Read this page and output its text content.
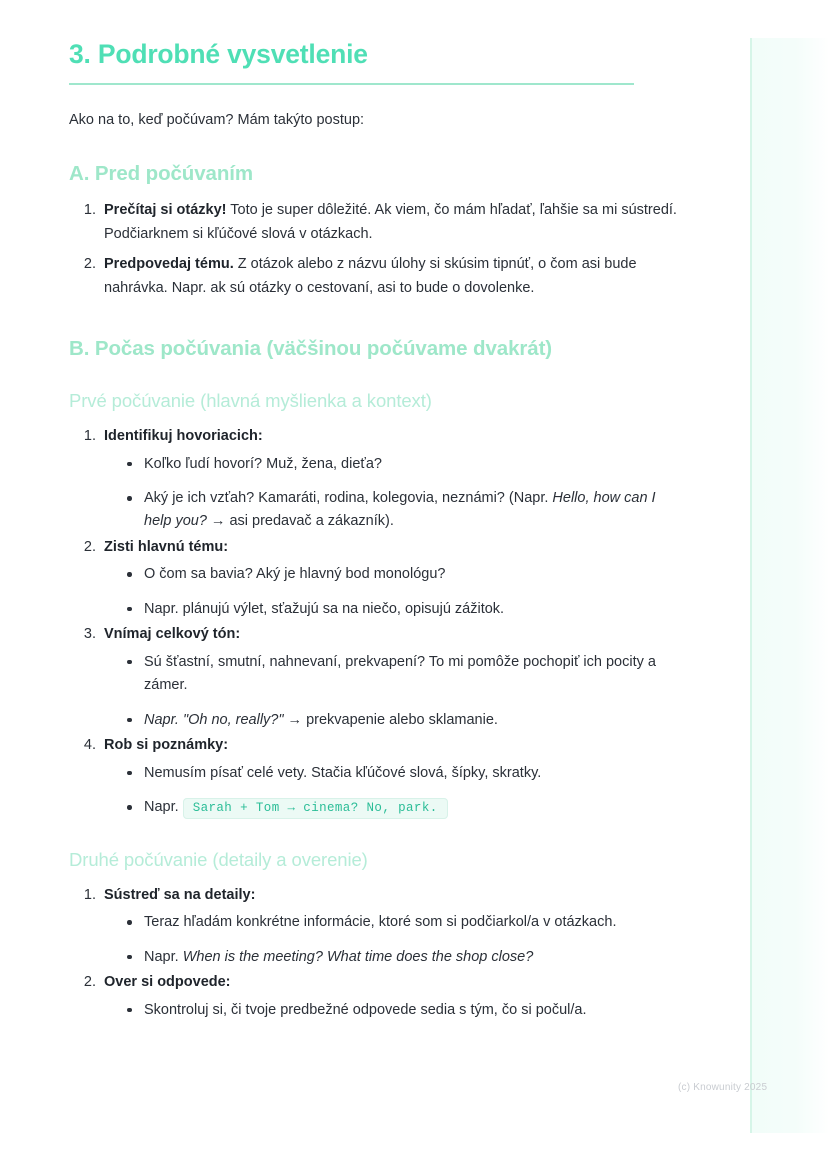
3. Podrobné vysvetlenie

Ako na to, keď počúvam? Mám takýto postup:

A. Pred počúvaním
1. Prečítaj si otázky! Toto je super dôležité. Ak viem, čo mám hľadať, ľahšie sa mi sústredí. Podčiarknem si kľúčové slová v otázkach.
2. Predpovedaj tému. Z otázok alebo z názvu úlohy si skúsim tipnúť, o čom asi bude nahrávka. Napr. ak sú otázky o cestovaní, asi to bude o dovolenke.
B. Počas počúvania (väčšinou počúvame dvakrát)
Prvé počúvanie (hlavná myšlienka a kontext)
1. Identifikuj hovoriacich:
Koľko ľudí hovorí? Muž, žena, dieťa?
Aký je ich vzťah? Kamaráti, rodina, kolegovia, neznámi? (Napr. Hello, how can I help you? → asi predavač a zákazník).
2. Zisti hlavnú tému:
O čom sa bavia? Aký je hlavný bod monológu?
Napr. plánujú výlet, sťažujú sa na niečo, opisujú zážitok.
3. Vnímaj celkový tón:
Sú šťastní, smutní, nahnevaní, prekvapení? To mi pomôže pochopiť ich pocity a zámer.
Napr. "Oh no, really?" → prekvapenie alebo sklamanie.
4. Rob si poznámky:
Nemusím písať celé vety. Stačia kľúčové slová, šípky, skratky.
Napr. Sarah + Tom → cinema? No, park.
Druhé počúvanie (detaily a overenie)
1. Sústreď sa na detaily:
Teraz hľadám konkrétne informácie, ktoré som si podčiarkol/a v otázkach.
Napr. When is the meeting? What time does the shop close?
2. Over si odpovede:
Skontroluj si, či tvoje predbežné odpovede sedia s tým, čo si počul/a.
(c) Knowunity 2025
